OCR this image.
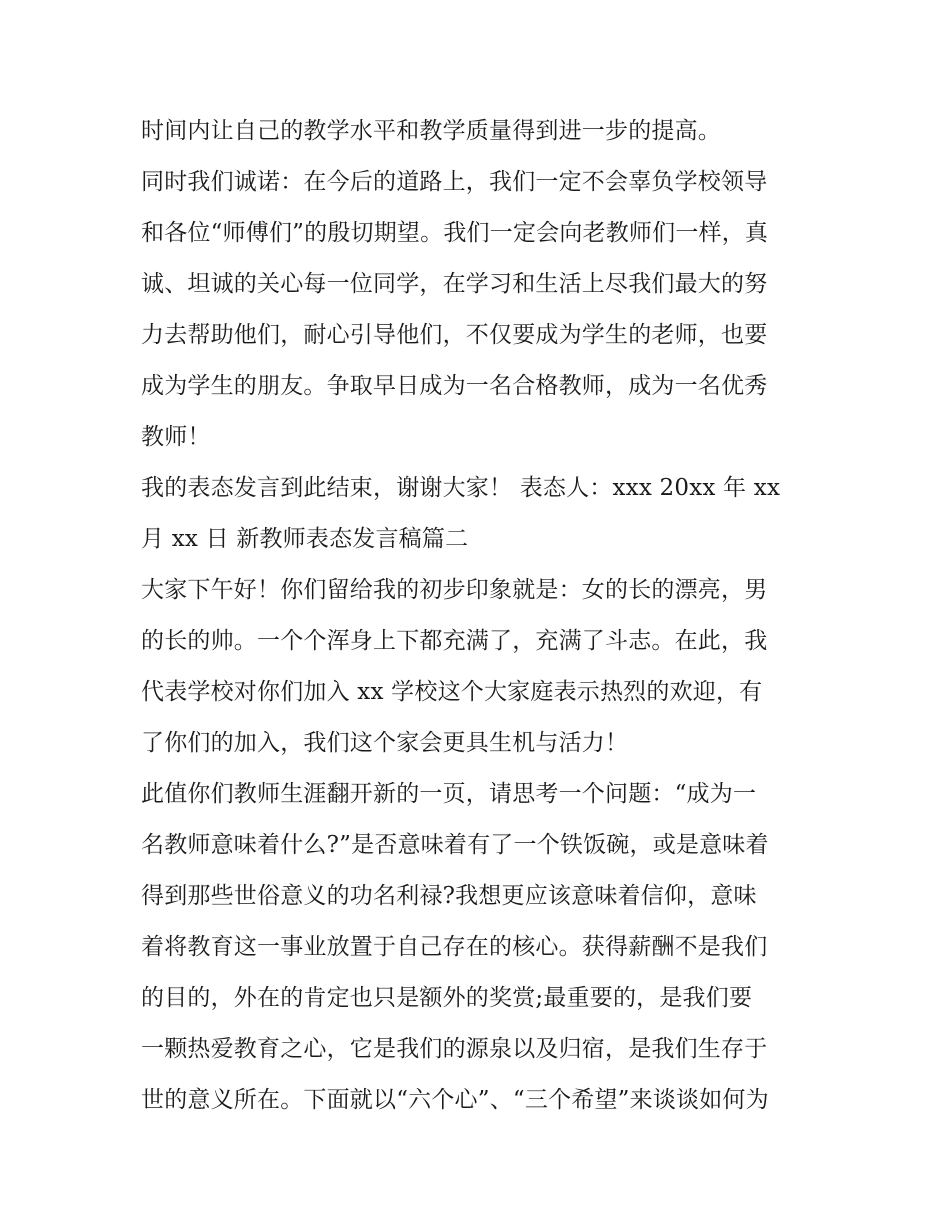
时间内让自己的教学水平和教学质量得到进一步的提高。
同时我们诚诺：在今后的道路上，我们一定不会辜负学校领导
和各位“师傅们”的殷切期望。我们一定会向老教师们一样，真
诚、坦诚的关心每一位同学，在学习和生活上尽我们最大的努
力去帮助他们，耐心引导他们，不仅要成为学生的老师，也要
成为学生的朋友。争取早日成为一名合格教师，成为一名优秀
教师！
我的表态发言到此结束，谢谢大家！ 表态人：xxx 20xx 年 xx
月 xx 日 新教师表态发言稿篇二
大家下午好！你们留给我的初步印象就是：女的长的漂亮，男
的长的帅。一个个浑身上下都充满了，充满了斗志。在此，我
代表学校对你们加入 xx 学校这个大家庭表示热烈的欢迎，有
了你们的加入，我们这个家会更具生机与活力！
此值你们教师生涯翻开新的一页，请思考一个问题：“成为一
名教师意味着什么?”是否意味着有了一个铁饭碗，或是意味着
得到那些世俗意义的功名利禄?我想更应该意味着信仰，意味
着将教育这一事业放置于自己存在的核心。获得薪酬不是我们
的目的，外在的肯定也只是额外的奖赏;最重要的，是我们要
一颗热爱教育之心，它是我们的源泉以及归宿，是我们生存于
世的意义所在。下面就以“六个心”、“三个希望”来谈谈如何为
